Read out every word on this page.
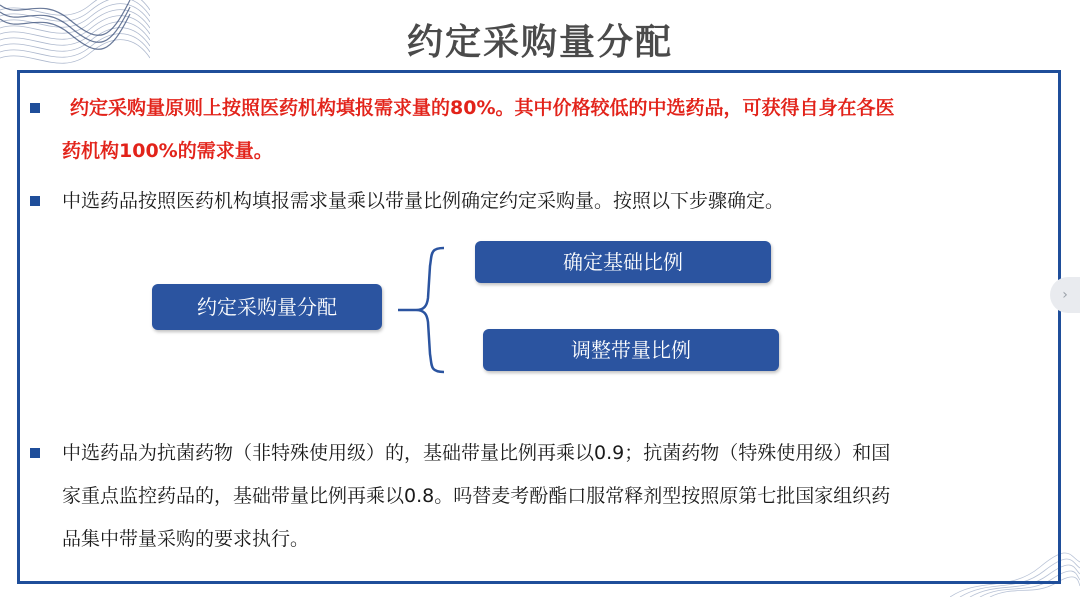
约定采购量分配
约定采购量原则上按照医药机构填报需求量的80%。其中价格较低的中选药品，可获得自身在各医
药机构100%的需求量。
中选药品按照医药机构填报需求量乘以带量比例确定约定采购量。按照以下步骤确定。
约定采购量分配
确定基础比例
调整带量比例
中选药品为抗菌药物（非特殊使用级）的，基础带量比例再乘以0.9；抗菌药物（特殊使用级）和国
家重点监控药品的，基础带量比例再乘以0.8。吗替麦考酚酯口服常释剂型按照原第七批国家组织药
品集中带量采购的要求执行。
›
